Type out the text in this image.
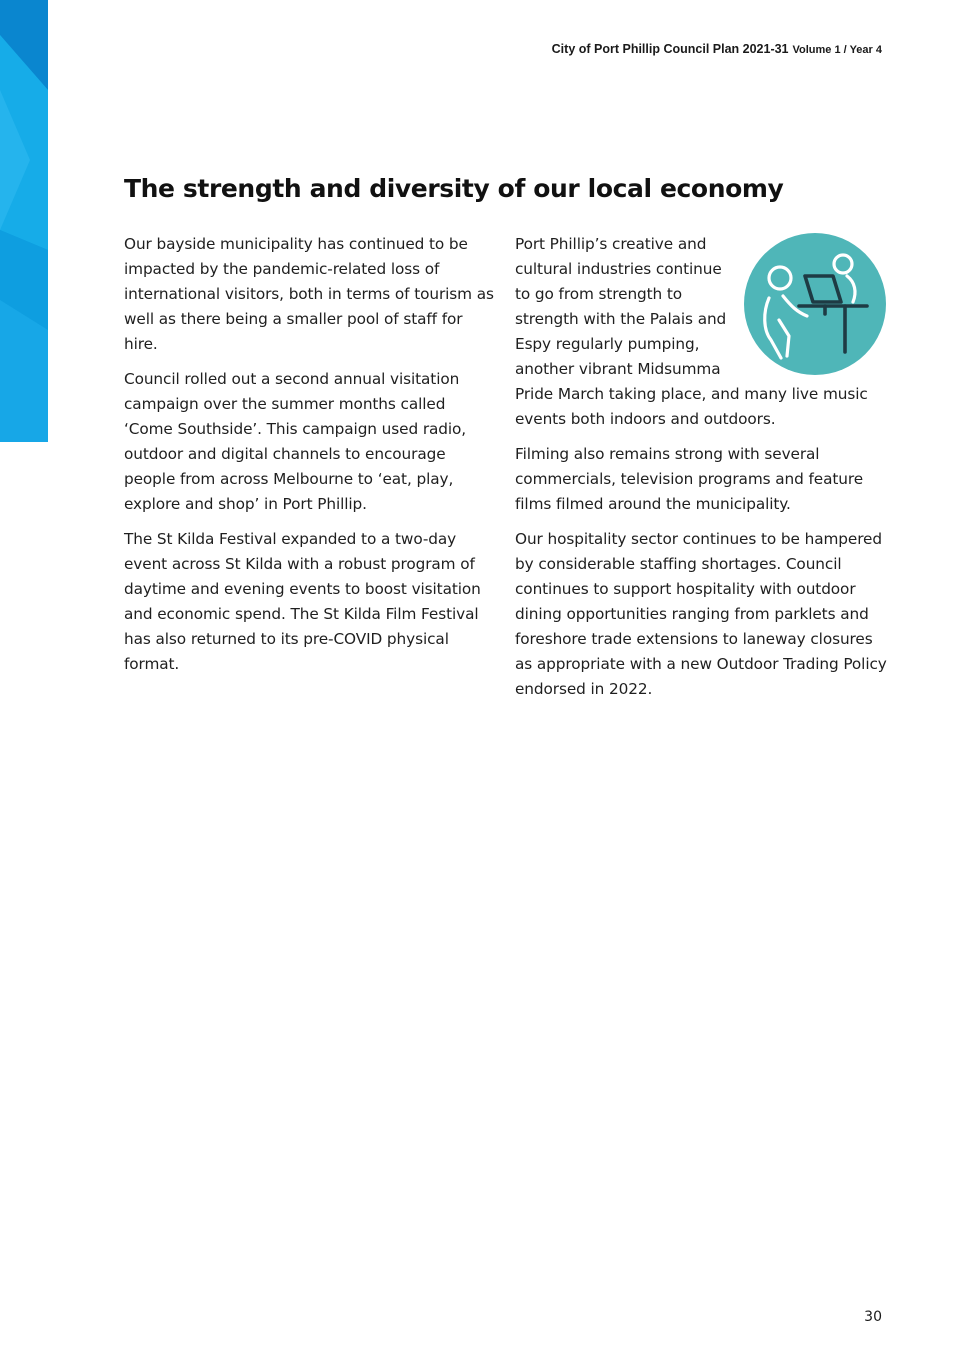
City of Port Phillip Council Plan 2021-31 Volume 1 / Year 4
The strength and diversity of our local economy

Our bayside municipality has continued to be impacted by the pandemic-related loss of international visitors, both in terms of tourism as well as there being a smaller pool of staff for hire.

Council rolled out a second annual visitation campaign over the summer months called ‘Come Southside’. This campaign used radio, outdoor and digital channels to encourage people from across Melbourne to ‘eat, play, explore and shop’ in Port Phillip.

The St Kilda Festival expanded to a two-day event across St Kilda with a robust program of daytime and evening events to boost visitation and economic spend. The St Kilda Film Festival has also returned to its pre-COVID physical format.

Port Phillip’s creative and cultural industries continue to go from strength to strength with the Palais and Espy regularly pumping, another vibrant Midsumma Pride March taking place, and many live music events both indoors and outdoors.

Filming also remains strong with several commercials, television programs and feature films filmed around the municipality.

Our hospitality sector continues to be hampered by considerable staffing shortages. Council continues to support hospitality with outdoor dining opportunities ranging from parklets and foreshore trade extensions to laneway closures as appropriate with a new Outdoor Trading Policy endorsed in 2022.

30
